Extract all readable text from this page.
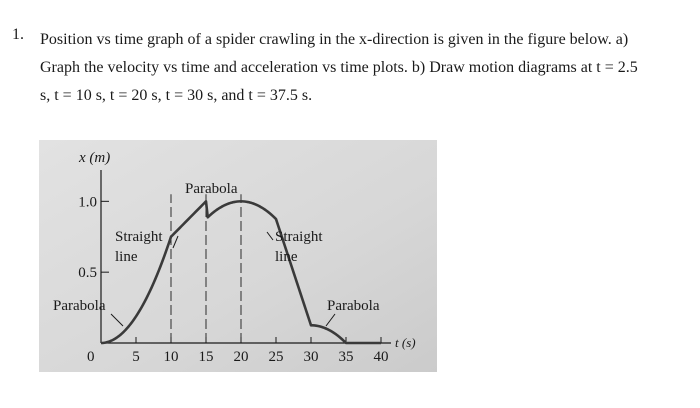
1. Position vs time graph of a spider crawling in the x-direction is given in the figure below. a)
Graph the velocity vs time and acceleration vs time plots. b) Draw motion diagrams at t = 2.5
s, t = 10 s, t = 20 s, t = 30 s, and t = 37.5 s.
0.5
1.0
5 10 15 20 25 30 35 40
x (m)
t (s)
0
Parabola
Straight
line
Straight
line
Parabola	Parabola
